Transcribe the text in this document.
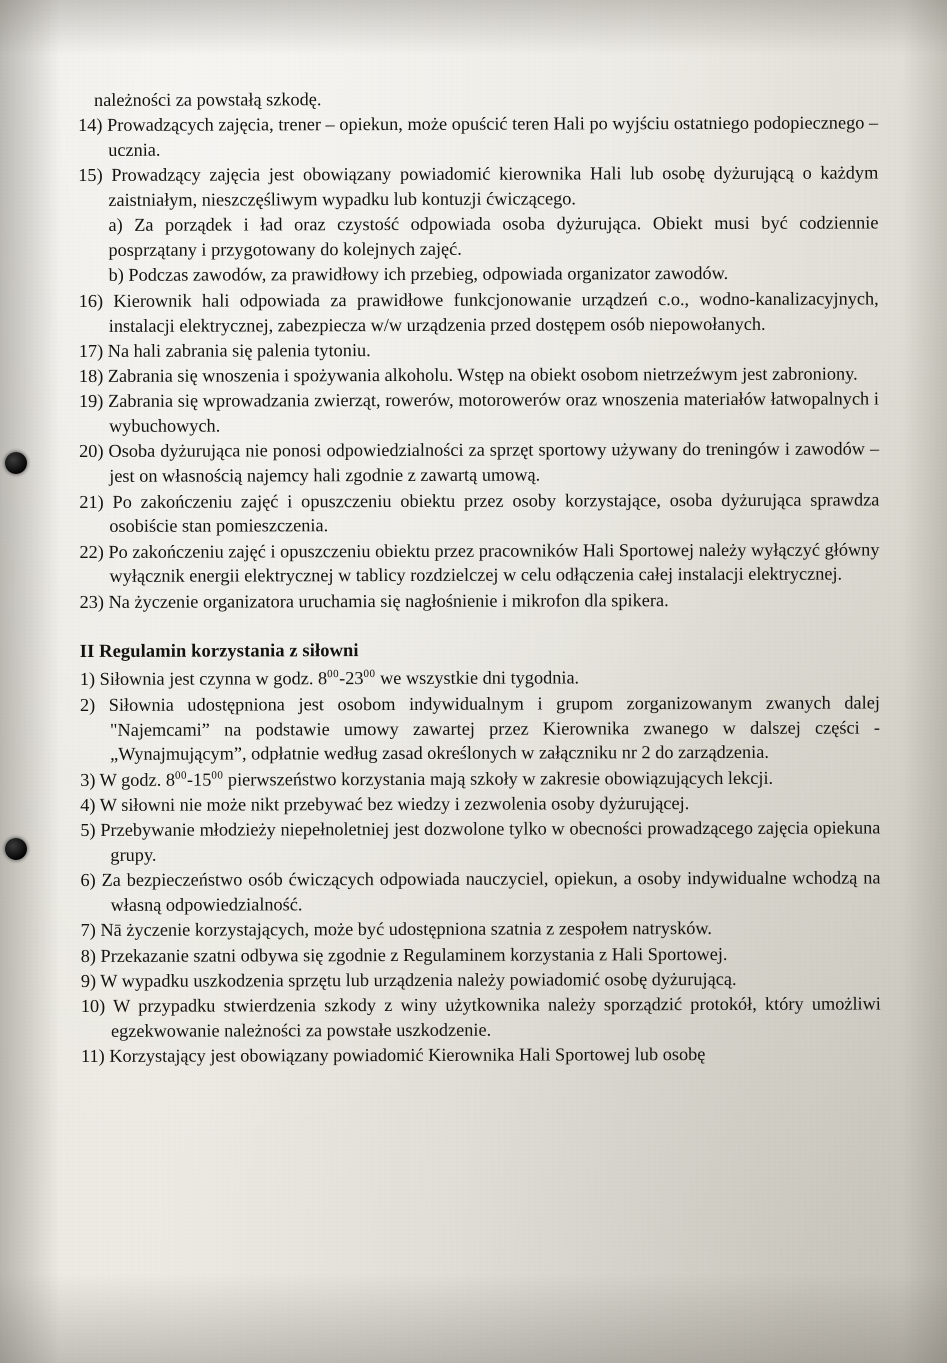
należności za powstałą szkodę.

14) Prowadzących zajęcia, trener – opiekun, może opuścić teren Hali po wyjściu ostatniego podopiecznego – ucznia.

15) Prowadzący zajęcia jest obowiązany powiadomić kierownika Hali lub osobę dyżurującą o każdym zaistniałym, nieszczęśliwym wypadku lub kontuzji ćwiczącego.

a) Za porządek i ład oraz czystość odpowiada osoba dyżurująca. Obiekt musi być codziennie posprzątany i przygotowany do kolejnych zajęć.

b) Podczas zawodów, za prawidłowy ich przebieg, odpowiada organizator zawodów.

16) Kierownik hali odpowiada za prawidłowe funkcjonowanie urządzeń c.o., wodno-kanalizacyjnych, instalacji elektrycznej, zabezpiecza w/w urządzenia przed dostępem osób niepowołanych.

17) Na hali zabrania się palenia tytoniu.

18) Zabrania się wnoszenia i spożywania alkoholu. Wstęp na obiekt osobom nietrzeźwym jest zabroniony.

19) Zabrania się wprowadzania zwierząt, rowerów, motorowerów oraz wnoszenia materiałów łatwopalnych i wybuchowych.

20) Osoba dyżurująca nie ponosi odpowiedzialności za sprzęt sportowy używany do treningów i zawodów – jest on własnością najemcy hali zgodnie z zawartą umową.

21) Po zakończeniu zajęć i opuszczeniu obiektu przez osoby korzystające, osoba dyżurująca sprawdza osobiście stan pomieszczenia.

22) Po zakończeniu zajęć i opuszczeniu obiektu przez pracowników Hali Sportowej należy wyłączyć główny wyłącznik energii elektrycznej w tablicy rozdzielczej w celu odłączenia całej instalacji elektrycznej.

23) Na życzenie organizatora uruchamia się nagłośnienie i mikrofon dla spikera.

II Regulamin korzystania z siłowni

1) Siłownia jest czynna w godz. $8^{00}-23^{00}$ we wszystkie dni tygodnia.

2) Siłownia udostępniona jest osobom indywidualnym i grupom zorganizowanym zwanych dalej "Najemcami” na podstawie umowy zawartej przez Kierownika zwanego w dalszej części - „Wynajmującym”, odpłatnie według zasad określonych w załączniku nr 2 do zarządzenia.

3) W godz. $8^{00}-15^{00}$ pierwszeństwo korzystania mają szkoły w zakresie obowiązujących lekcji.

4) W siłowni nie może nikt przebywać bez wiedzy i zezwolenia osoby dyżurującej.

5) Przebywanie młodzieży niepełnoletniej jest dozwolone tylko w obecności prowadzącego zajęcia opiekuna grupy.

6) Za bezpieczeństwo osób ćwiczących odpowiada nauczyciel, opiekun, a osoby indywidualne wchodzą na własną odpowiedzialność.

7) Nā życzenie korzystających, może być udostępniona szatnia z zespołem natrysków.

8) Przekazanie szatni odbywa się zgodnie z Regulaminem korzystania z Hali Sportowej.

9) W wypadku uszkodzenia sprzętu lub urządzenia należy powiadomić osobę dyżurującą.

10) W przypadku stwierdzenia szkody z winy użytkownika należy sporządzić protokół, który umożliwi egzekwowanie należności za powstałe uszkodzenie.

11) Korzystający jest obowiązany powiadomić Kierownika Hali Sportowej lub osobę
